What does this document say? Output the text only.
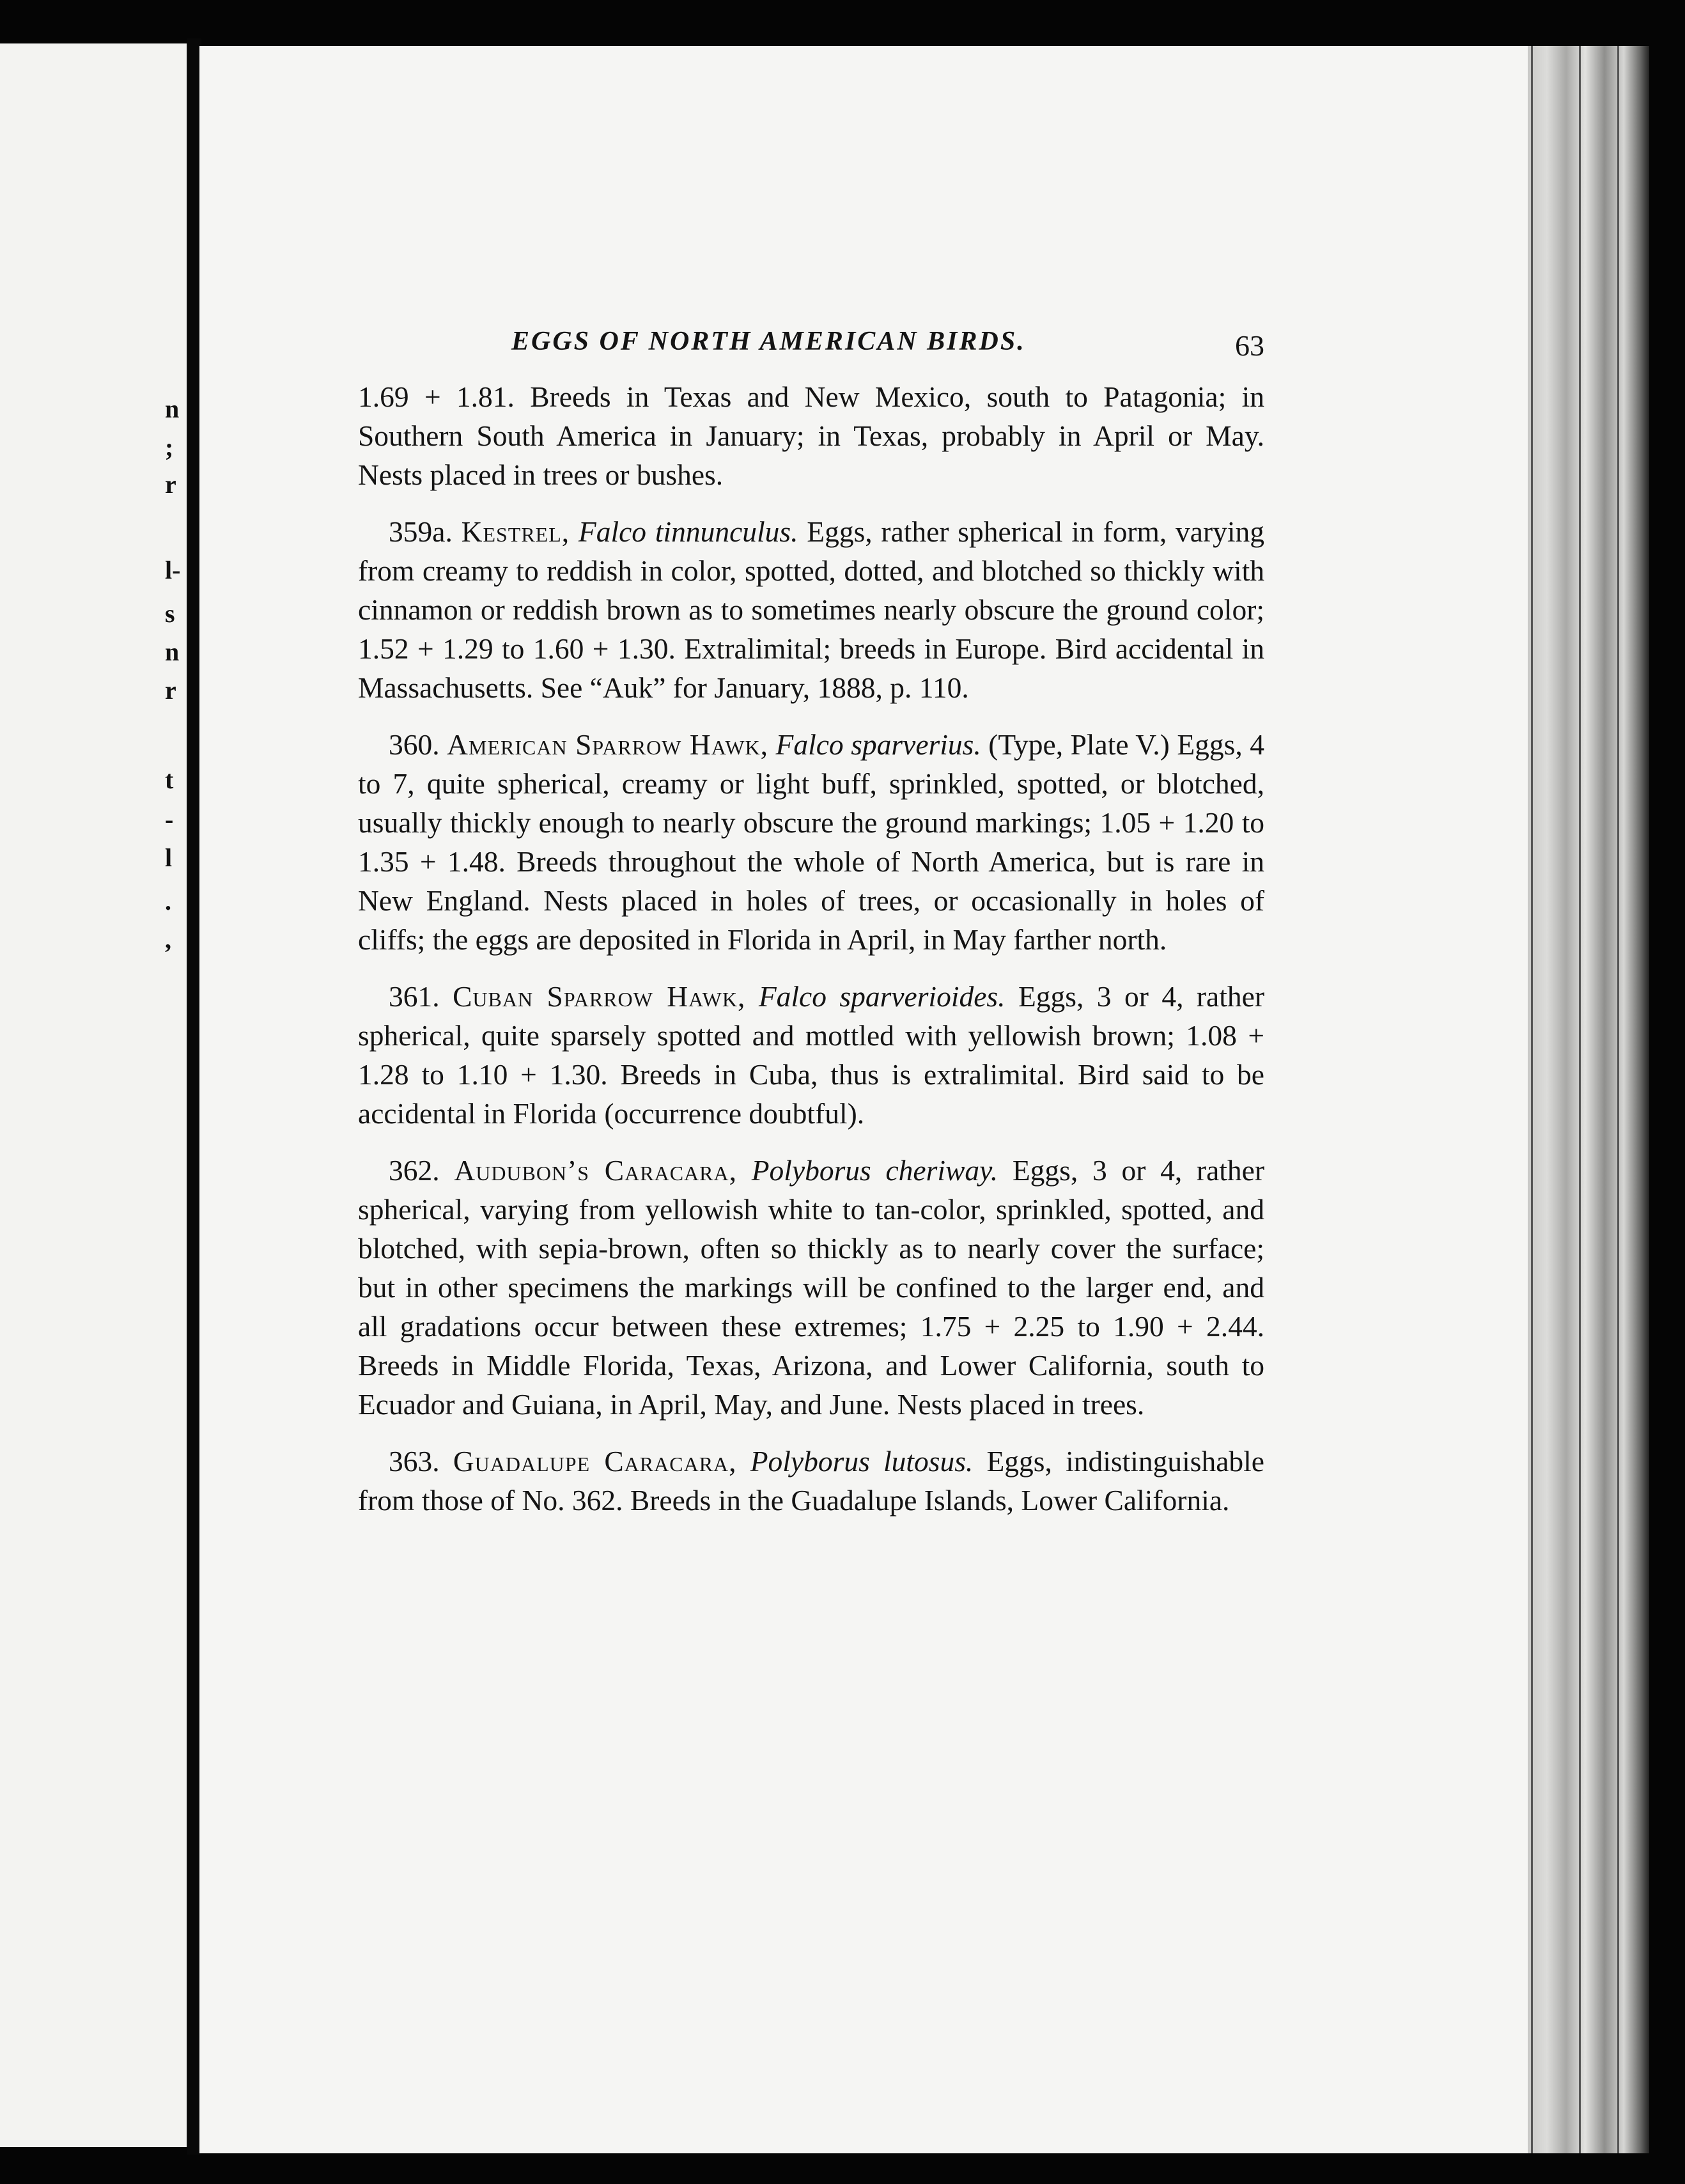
n
;
r
l-
s
n
r
t
-
l
.
,
EGGS OF NORTH AMERICAN BIRDS.	63

1.69 + 1.81. Breeds in Texas and New Mexico, south to Patagonia; in Southern South America in January; in Texas, probably in April or May. Nests placed in trees or bushes.

359a. Kestrel, Falco tinnunculus. Eggs, rather spherical in form, varying from creamy to reddish in color, spotted, dotted, and blotched so thickly with cinnamon or reddish brown as to sometimes nearly obscure the ground color; 1.52 + 1.29 to 1.60 + 1.30. Extralimital; breeds in Europe. Bird accidental in Massachusetts. See “Auk” for January, 1888, p. 110.

360. American Sparrow Hawk, Falco sparverius. (Type, Plate V.) Eggs, 4 to 7, quite spherical, creamy or light buff, sprinkled, spotted, or blotched, usually thickly enough to nearly obscure the ground markings; 1.05 + 1.20 to 1.35 + 1.48. Breeds throughout the whole of North America, but is rare in New England. Nests placed in holes of trees, or occasionally in holes of cliffs; the eggs are deposited in Florida in April, in May farther north.

361. Cuban Sparrow Hawk, Falco sparverioides. Eggs, 3 or 4, rather spherical, quite sparsely spotted and mottled with yellowish brown; 1.08 + 1.28 to 1.10 + 1.30. Breeds in Cuba, thus is extralimital. Bird said to be accidental in Florida (occurrence doubtful).

362. Audubon’s Caracara, Polyborus cheriway. Eggs, 3 or 4, rather spherical, varying from yellowish white to tan-color, sprinkled, spotted, and blotched, with sepia-brown, often so thickly as to nearly cover the surface; but in other specimens the markings will be confined to the larger end, and all gradations occur between these extremes; 1.75 + 2.25 to 1.90 + 2.44. Breeds in Middle Florida, Texas, Arizona, and Lower California, south to Ecuador and Guiana, in April, May, and June. Nests placed in trees.

363. Guadalupe Caracara, Polyborus lutosus. Eggs, indistinguishable from those of No. 362. Breeds in the Guadalupe Islands, Lower California.
